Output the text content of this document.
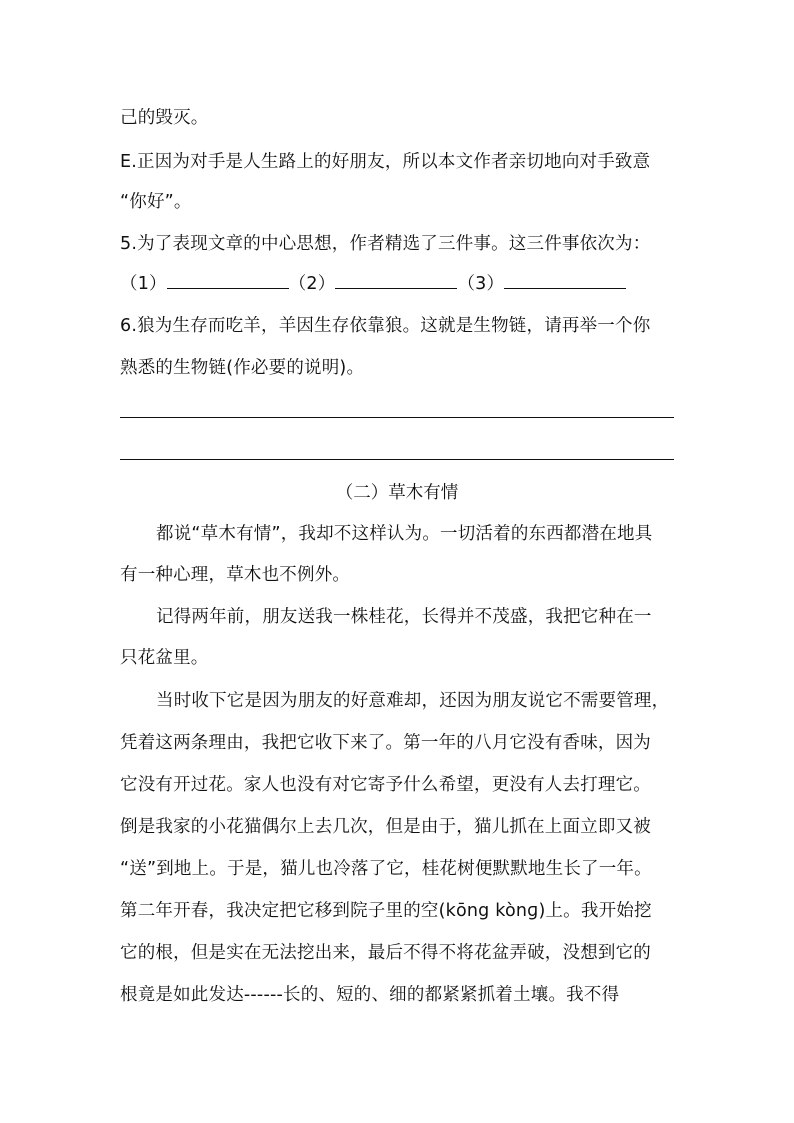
己的毁灭。
E.正因为对手是人生路上的好朋友，所以本文作者亲切地向对手致意
“你好”。
5.为了表现文章的中心思想，作者精选了三件事。这三件事依次为：
（1）	（2）	（3）
6.狼为生存而吃羊，羊因生存依靠狼。这就是生物链，请再举一个你
熟悉的生物链(作必要的说明)。
（二）草木有情
都说“草木有情”，我却不这样认为。一切活着的东西都潜在地具
有一种心理，草木也不例外。
记得两年前，朋友送我一株桂花，长得并不茂盛，我把它种在一
只花盆里。
当时收下它是因为朋友的好意难却，还因为朋友说它不需要管理，
凭着这两条理由，我把它收下来了。第一年的八月它没有香味，因为
它没有开过花。家人也没有对它寄予什么希望，更没有人去打理它。
倒是我家的小花猫偶尔上去几次，但是由于，猫儿抓在上面立即又被
“送”到地上。于是，猫儿也冷落了它，桂花树便默默地生长了一年。
第二年开春，我决定把它移到院子里的空(kōng kònɡ)上。我开始挖
它的根，但是实在无法挖出来，最后不得不将花盆弄破，没想到它的
根竟是如此发达------长的、短的、细的都紧紧抓着土壤。我不得
